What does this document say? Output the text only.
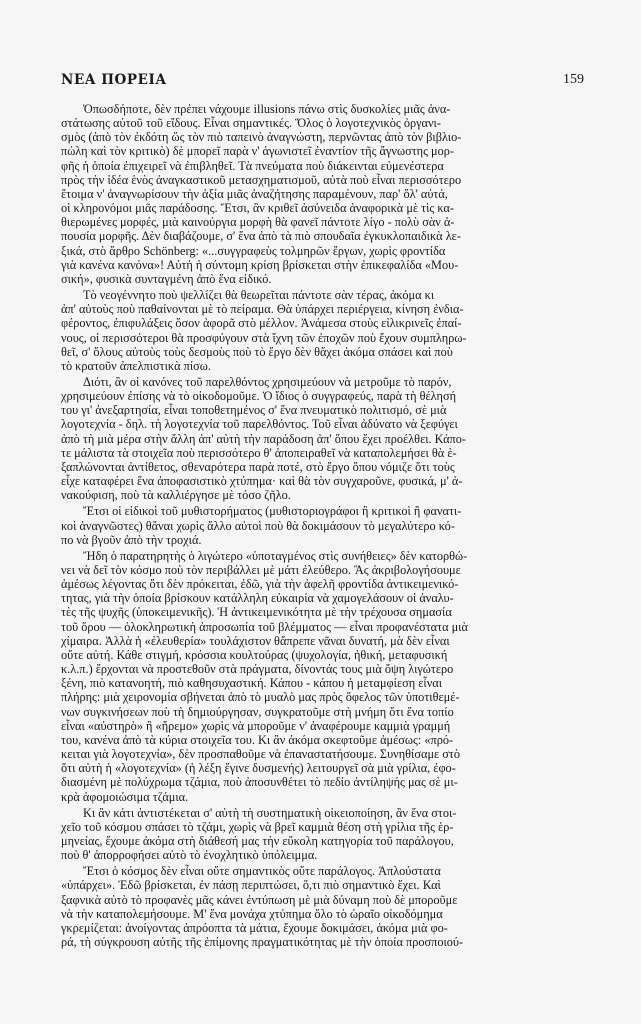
ΝΕΑ ΠΟΡΕΙΑ	159
Ὁπωσδήποτε, δὲν πρέπει νάχουμε illusions πάνω στὶς δυσκολίες μιᾶς ἀνα-
στάτωσης αὐτοῦ τοῦ εἴδους. Εἶναι σημαντικές. Ὅλος ὁ λογοτεχνικὸς ὀργανι-
σμὸς (ἀπὸ τὸν ἐκδότη ὥς τὸν πιὸ ταπεινὸ ἀναγνώστη, περνῶντας ἀπὸ τὸν βιβλιο-
πώλη καὶ τὸν κριτικὸ) δὲ μπορεῖ παρὰ ν' ἀγωνιστεῖ ἐναντίον τῆς ἄγνωστης μορ-
φῆς ἡ ὁποία ἐπιχειρεῖ νὰ ἐπιβληθεῖ. Τὰ πνεύματα ποὺ διάκεινται εὐμενέστερα
πρὸς τὴν ἰδέα ἑνὸς ἀναγκαστικοῦ μετασχηματισμοῦ, αὐτὰ ποὺ εἶναι περισσότερο
ἕτοιμα ν' ἀναγνωρίσουν τὴν ἀξία μιᾶς ἀναζήτησης παραμένουν, παρ' ὅλ' αὐτά,
οἱ κληρονόμοι μιᾶς παράδοσης. Ἔτσι, ἂν κριθεῖ ἀσύνειδα ἀναφορικὰ μὲ τὶς κα-
θιερωμένες μορφές, μιὰ καινούργια μορφὴ θὰ φανεῖ πάντοτε λίγο - πολὺ σὰν ἀ-
πουσία μορφῆς. Δὲν διαβάζουμε, σ' ἕνα ἀπὸ τὰ πιὸ σπουδαῖα ἐγκυκλοπαιδικὰ λε-
ξικά, στὸ ἄρθρο Schönberg: «...συγγραφεὺς τολμηρῶν ἔργων, χωρὶς φροντίδα
γιὰ κανένα κανόνα»! Αὐτὴ ἡ σύντομη κρίση βρίσκεται στὴν ἐπικεφαλίδα «Μου-
σική», φυσικὰ συνταγμένη ἀπὸ ἕνα εἰδικό.
Τὸ νεογέννητο ποὺ ψελλίζει θὰ θεωρεῖται πάντοτε σὰν τέρας, ἀκόμα κι
ἀπ' αὐτοὺς ποὺ παθαίνονται μὲ τὸ πείραμα. Θὰ ὑπάρχει περιέργεια, κίνηση ἐνδια-
φέροντος, ἐπιφυλάξεις ὅσον ἀφορᾶ στὸ μέλλον. Ἀνάμεσα στοὺς εἰλικρινεῖς ἐπαί-
νους, οἱ περισσότεροι θὰ προσφύγουν στὰ ἴχνη τῶν ἐποχῶν ποὺ ἔχουν συμπληρω-
θεῖ, σ' ὅλους αὐτοὺς τοὺς δεσμοὺς ποὺ τὸ ἔργο δὲν θἄχει ἀκόμα σπάσει καὶ ποὺ
τὸ κρατοῦν ἀπελπιστικὰ πίσω.
Διότι, ἂν οἱ κανόνες τοῦ παρελθόντος χρησιμεύουν νὰ μετροῦμε τὸ παρόν,
χρησιμεύουν ἐπίσης νὰ τὸ οἰκοδομοῦμε. Ὁ ἴδιος ὁ συγγραφεύς, παρὰ τὴ θέλησή
του γι' ἀνεξαρτησία, εἶναι τοποθετημένος σ' ἕνα πνευματικὸ πολιτισμό, σὲ μιὰ
λογοτεχνία - δηλ. τὴ λογοτεχνία τοῦ παρελθόντος. Τοῦ εἶναι ἀδύνατο νὰ ξεφύγει
ἀπὸ τὴ μιὰ μέρα στὴν ἄλλη ἀπ' αὐτὴ τὴν παράδοση ἀπ' ὅπου ἔχει προέλθει. Κάπο-
τε μάλιστα τὰ στοιχεῖα ποὺ περισσότερο θ' ἀποπειραθεῖ νὰ καταπολεμήσει θὰ ἑ-
ξαπλώνονται ἀντίθετος, σθεναρότερα παρὰ ποτέ, στὸ ἔργο ὅπου νόμιζε ὅτι τοὺς
εἶχε καταφέρει ἕνα ἀποφασιστικὸ χτύπημα· καὶ θὰ τὸν συγχαροῦνε, φυσικά, μ' ἀ-
νακούφιση, ποὺ τὰ καλλιέργησε μὲ τόσο ζῆλο.
Ἔτσι οἱ εἰδικοὶ τοῦ μυθιστορήματος (μυθιστοριογράφοι ἢ κριτικοὶ ἢ φανατι-
κοὶ ἀναγνῶστες) θἄναι χωρὶς ἄλλο αὐτοὶ ποὺ θὰ δοκιμάσουν τὸ μεγαλύτερο κό-
πο νὰ βγοῦν ἀπὸ τὴν τροχιά.
Ἤδη ὁ παρατηρητὴς ὁ λιγώτερο «ὑποταγμένος στὶς συνήθειες» δὲν κατορθώ-
νει νὰ δεῖ τὸν κόσμο ποὺ τὸν περιβάλλει μὲ μάτι ἐλεύθερο. Ἂς ἀκριβολογήσουμε
ἀμέσως λέγοντας ὅτι δὲν πρόκειται, ἐδῶ, γιὰ τὴν ἀφελῆ φροντίδα ἀντικειμενικό-
τητας, γιὰ τὴν ὁποία βρίσκουν κατάλληλη εὐκαιρία νὰ χαμογελάσουν οἱ ἀναλυ-
τὲς τῆς ψυχῆς (ὑποκειμενικῆς). Ἡ ἀντικειμενικότητα μὲ τὴν τρέχουσα σημασία
τοῦ ὅρου — ὁλοκληρωτικὴ ἀπροσωπία τοῦ βλέμματος — εἶναι προφανέστατα μιὰ
χίμαιρα. Ἀλλὰ ἡ «ἐλευθερία» τουλάχιστον θἄπρεπε νᾶναι δυνατή, μὰ δὲν εἶναι
οὔτε αὐτή. Κάθε στιγμή, κρόσσια κουλτούρας (ψυχολογία, ἠθική, μεταφυσική
κ.λ.π.) ἔρχονται νὰ προστεθοῦν στὰ πράγματα, δίνοντάς τους μιὰ ὄψη λιγώτερο
ξένη, πιὸ κατανοητή, πιὸ καθησυχαστική. Κάπου - κάπου ἡ μεταμφίεση εἶναι
πλήρης: μιὰ χειρονομία σβήνεται ἀπὸ τὸ μυαλὸ μας πρὸς ὄφελος τῶν ὑποτιθεμέ-
νων συγκινήσεων ποὺ τὴ δημιούργησαν, συγκρατοῦμε στὴ μνήμη ὅτι ἕνα τοπίο
εἶναι «αὐστηρὸ» ἢ «ἤρεμο» χωρὶς νὰ μποροῦμε ν' ἀναφέρουμε καμμιὰ γραμμή
του, κανένα ἀπὸ τὰ κύρια στοιχεῖα του. Κι ἂν ἀκόμα σκεφτοῦμε ἀμέσως: «πρό-
κειται γιὰ λογοτεχνία», δὲν προσπαθοῦμε νὰ ἐπαναστατήσουμε. Συνηθίσαμε στὸ
ὅτι αὐτὴ ἡ «λογοτεχνία» (ἡ λέξη ἔγινε δυσμενής) λειτουργεῖ σὰ μιὰ γρίλια, ἐφο-
διασμένη μὲ πολύχρωμα τζάμια, ποὺ ἀποσυνθέτει τὸ πεδίο ἀντίληψής μας σὲ μι-
κρὰ ἀφομοιώσιμα τζάμια.
Κι ἂν κάτι ἀντιστέκεται σ' αὐτὴ τὴ συστηματικὴ οἰκειοποίηση, ἂν ἕνα στοι-
χεῖο τοῦ κόσμου σπάσει τὸ τζάμι, χωρὶς νὰ βρεῖ καμμιὰ θέση στὴ γρίλια τῆς ἑρ-
μηνείας, ἔχουμε ἀκόμα στὴ διάθεσή μας τὴν εὔκολη κατηγορία τοῦ παράλογου,
ποὺ θ' ἀπορροφήσει αὐτὸ τὸ ἐνοχλητικὸ ὑπόλειμμα.
Ἔτσι ὁ κόσμος δὲν εἶναι οὔτε σημαντικὸς οὔτε παράλογος. Ἁπλούστατα
«ὑπάρχει». Ἐδῶ βρίσκεται, ἐν πάσῃ περιπτώσει, ὅ,τι πιὸ σημαντικὸ ἔχει. Καὶ
ξαφνικὰ αὐτὸ τὸ προφανὲς μᾶς κάνει ἐντύπωση μὲ μιὰ δύναμη ποὺ δὲ μποροῦμε
νὰ τὴν καταπολεμήσουμε. Μ' ἕνα μονάχα χτύπημα ὅλο τὸ ὡραῖο οἰκοδόμημα
γκρεμίζεται: ἀνοίγοντας ἀπρόοπτα τὰ μάτια, ἔχουμε δοκιμάσει, ἀκόμα μιὰ φο-
ρά, τὴ σύγκρουση αὐτῆς τῆς ἐπίμονης πραγματικότητας μὲ τὴν ὁποία προσποιού-
